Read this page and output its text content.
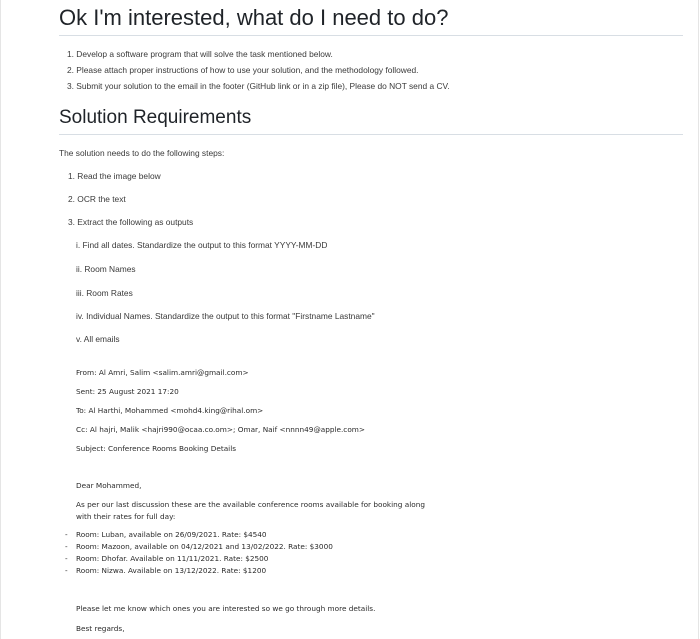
Ok I'm interested, what do I need to do?
1. Develop a software program that will solve the task mentioned below.
2. Please attach proper instructions of how to use your solution, and the methodology followed.
3. Submit your solution to the email in the footer (GitHub link or in a zip file), Please do NOT send a CV.
Solution Requirements
The solution needs to do the following steps:
1. Read the image below
2. OCR the text
3. Extract the following as outputs
i. Find all dates. Standardize the output to this format YYYY-MM-DD
ii. Room Names
iii. Room Rates
iv. Individual Names. Standardize the output to this format "Firstname Lastname"
v. All emails
From: Al Amri, Salim <salim.amri@gmail.com>
Sent: 25 August 2021 17:20
To: Al Harthi, Mohammed <mohd4.king@rihal.om>
Cc: Al hajri, Malik <hajri990@ocaa.co.om>; Omar, Naif <nnnn49@apple.com>
Subject: Conference Rooms Booking Details
Dear Mohammed,
As per our last discussion these are the available conference rooms available for booking along
with their rates for full day:
- Room: Luban, available on 26/09/2021. Rate: $4540
- Room: Mazoon, available on 04/12/2021 and 13/02/2022. Rate: $3000
- Room: Dhofar. Available on 11/11/2021. Rate: $2500
- Room: Nizwa. Available on 13/12/2022. Rate: $1200
Please let me know which ones you are interested so we go through more details.
Best regards,
